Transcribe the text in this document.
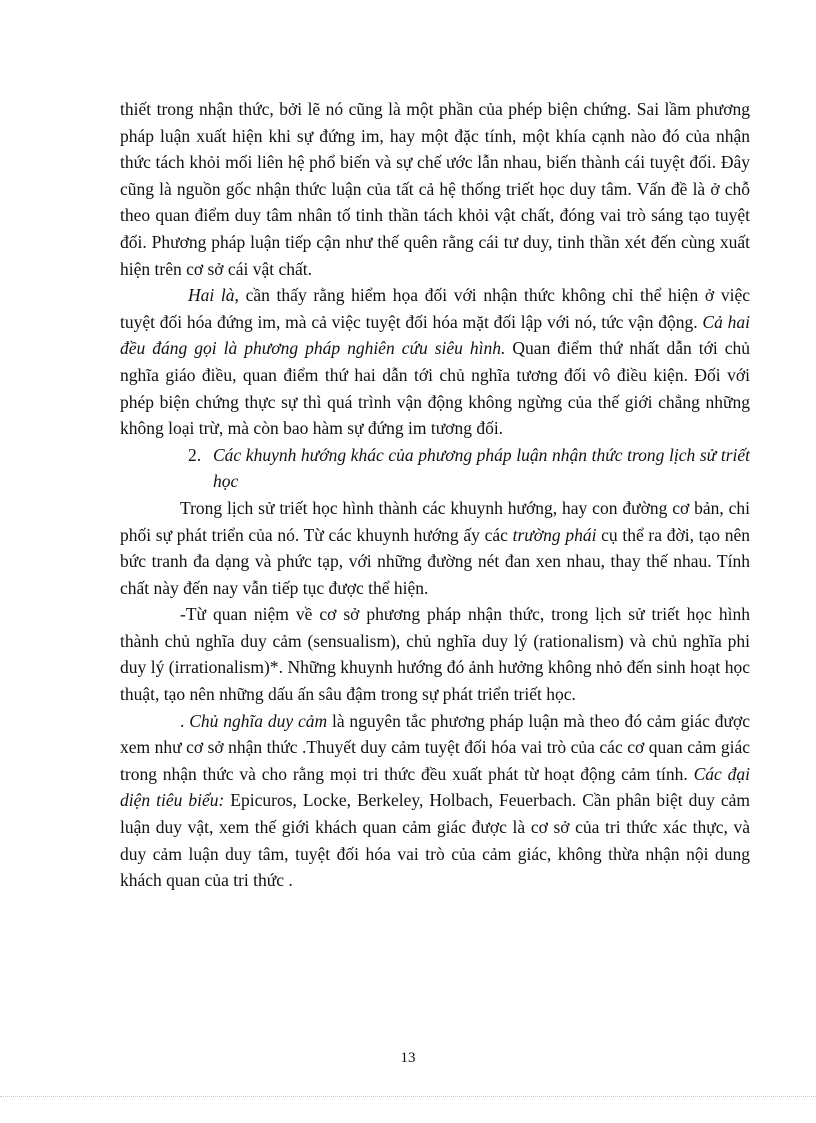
thiết trong nhận thức, bởi lẽ nó cũng là một phần của phép biện chứng. Sai lầm phương pháp luận xuất hiện khi sự đứng im, hay một đặc tính, một khía cạnh nào đó của nhận thức tách khỏi mối liên hệ phổ biến và sự chế ước lẫn nhau, biến thành cái tuyệt đối. Đây cũng là nguồn gốc nhận thức luận của tất cả hệ thống triết học duy tâm. Vấn đề là ở chỗ theo quan điểm duy tâm nhân tố tinh thần tách khỏi vật chất, đóng vai trò sáng tạo tuyệt đối. Phương pháp luận tiếp cận như thế quên rằng cái tư duy, tinh thần xét đến cùng xuất hiện trên cơ sở cái vật chất.

Hai là, cần thấy rằng hiểm họa đối với nhận thức không chỉ thể hiện ở việc tuyệt đối hóa đứng im, mà cả việc tuyệt đối hóa mặt đối lập với nó, tức vận động. Cả hai đều đáng gọi là phương pháp nghiên cứu siêu hình. Quan điểm thứ nhất dẫn tới chủ nghĩa giáo điều, quan điểm thứ hai dẫn tới chủ nghĩa tương đối vô điều kiện. Đối với phép biện chứng thực sự thì quá trình vận động không ngừng của thế giới chẳng những không loại trừ, mà còn bao hàm sự đứng im tương đối.

2. Các khuynh hướng khác của phương pháp luận nhận thức trong lịch sử triết học

Trong lịch sử triết học hình thành các khuynh hướng, hay con đường cơ bản, chi phối sự phát triển của nó. Từ các khuynh hướng ấy các trường phái cụ thể ra đời, tạo nên bức tranh đa dạng và phức tạp, với những đường nét đan xen nhau, thay thế nhau. Tính chất này đến nay vẫn tiếp tục được thể hiện.

-Từ quan niệm về cơ sở phương pháp nhận thức, trong lịch sử triết học hình thành chủ nghĩa duy cảm (sensualism), chủ nghĩa duy lý (rationalism) và chủ nghĩa phi duy lý (irrationalism)*. Những khuynh hướng đó ảnh hưởng không nhỏ đến sinh hoạt học thuật, tạo nên những dấu ấn sâu đậm trong sự phát triển triết học.

. Chủ nghĩa duy cảm là nguyên tắc phương pháp luận mà theo đó cảm giác được xem như cơ sở nhận thức .Thuyết duy cảm tuyệt đối hóa vai trò của các cơ quan cảm giác trong nhận thức và cho rằng mọi tri thức đều xuất phát từ hoạt động cảm tính. Các đại diện tiêu biểu: Epicuros, Locke, Berkeley, Holbach, Feuerbach. Cần phân biệt duy cảm luận duy vật, xem thế giới khách quan cảm giác được là cơ sở của tri thức xác thực, và duy cảm luận duy tâm, tuyệt đối hóa vai trò của cảm giác, không thừa nhận nội dung khách quan của tri thức .

13
